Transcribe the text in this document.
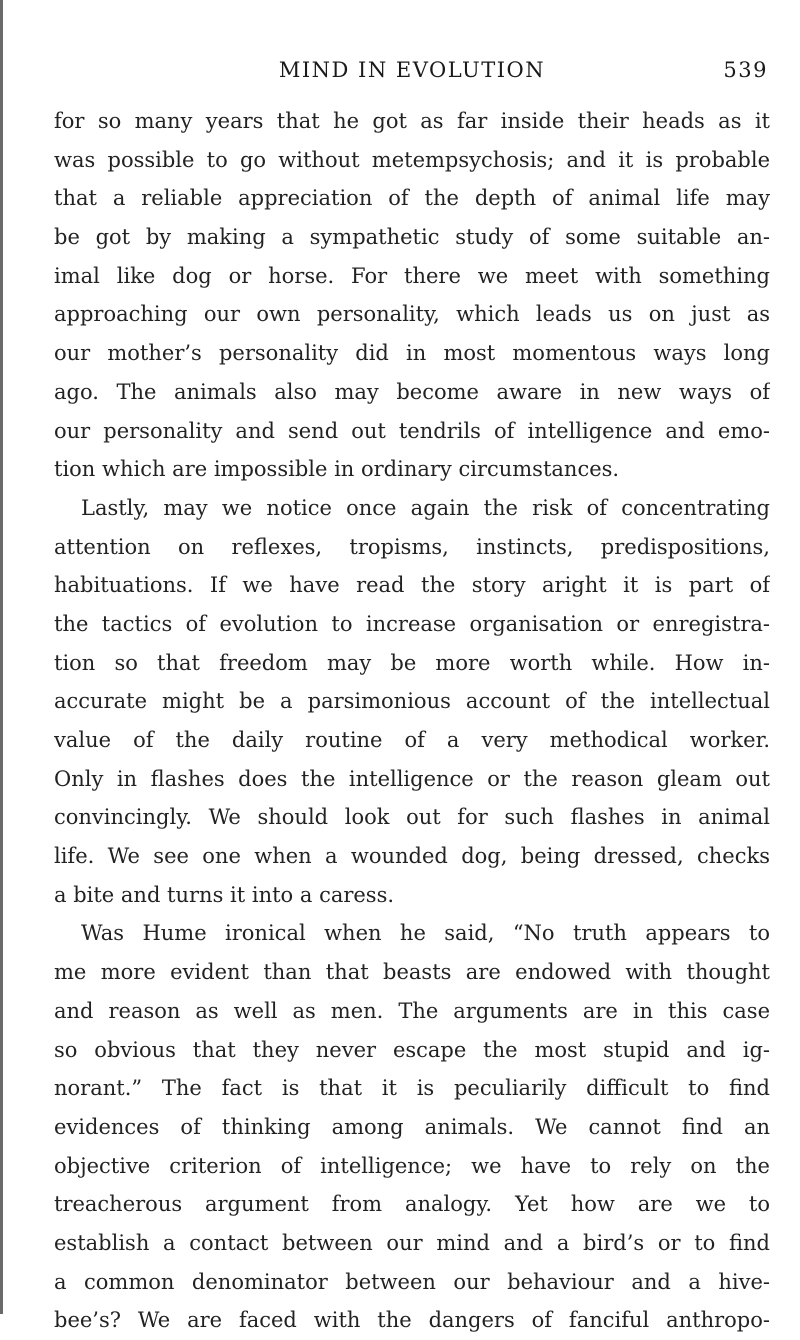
MIND IN EVOLUTION	539
for so many years that he got as far inside their heads as it
was possible to go without metempsychosis; and it is probable
that a reliable appreciation of the depth of animal life may
be got by making a sympathetic study of some suitable an-
imal like dog or horse. For there we meet with something
approaching our own personality, which leads us on just as
our mother’s personality did in most momentous ways long
ago. The animals also may become aware in new ways of
our personality and send out tendrils of intelligence and emo-
tion which are impossible in ordinary circumstances.
Lastly, may we notice once again the risk of concentrating
attention on reflexes, tropisms, instincts, predispositions,
habituations. If we have read the story aright it is part of
the tactics of evolution to increase organisation or enregistra-
tion so that freedom may be more worth while. How in-
accurate might be a parsimonious account of the intellectual
value of the daily routine of a very methodical worker.
Only in flashes does the intelligence or the reason gleam out
convincingly. We should look out for such flashes in animal
life. We see one when a wounded dog, being dressed, checks
a bite and turns it into a caress.
Was Hume ironical when he said, “No truth appears to
me more evident than that beasts are endowed with thought
and reason as well as men. The arguments are in this case
so obvious that they never escape the most stupid and ig-
norant.” The fact is that it is peculiarily difficult to find
evidences of thinking among animals. We cannot find an
objective criterion of intelligence; we have to rely on the
treacherous argument from analogy. Yet how are we to
establish a contact between our mind and a bird’s or to find
a common denominator between our behaviour and a hive-
bee’s? We are faced with the dangers of fanciful anthropo-
